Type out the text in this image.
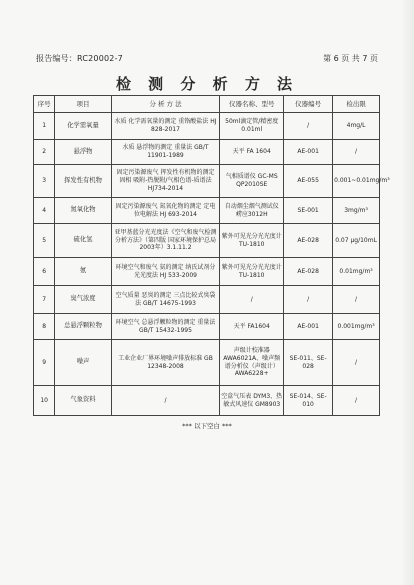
报告编号：RC20002-7	第 6 页 共 7 页
检 测 分 析 方 法
序号	项目	分 析 方 法	仪器名称、型号	仪器编号	检出限
1	化学需氧量	水质 化学需氧量的测定 重铬酸盐法 HJ 828-2017	50ml滴定管/精密度 0.01ml	/	4mg/L
2	悬浮物	水质 悬浮物的测定 重量法 GB/T 11901-1989	天平 FA 1604	AE-001	/
3	挥发性有机物	固定污染源废气 挥发性有机物的测定 固相 吸附-热脱附/气相色谱-质谱法 HJ734-2014	气相质谱仪 GC-MS QP2010SE	AE-055	0.001~0.01mg/m³
4	氮氧化物	固定污染源废气 氮氧化物的测定 定电位电解法 HJ 693-2014	自动烟尘烟气测试仪 崂应3012H	SE-001	3mg/m³
5	硫化氢	亚甲基蓝分光光度法《空气和废气检测分析方法》（第四版 国家环境保护总局 2003年）3.1.11.2	紫外可见光分光光度计 TU-1810	AE-028	0.07 μg/10mL
6	氨	环境空气和废气 氨的测定 纳氏试剂分光光度法 HJ 533-2009	紫外可见光分光光度计 TU-1810	AE-028	0.01mg/m³
7	臭气浓度	空气质量 恶臭的测定 三点比较式臭袋法 GB/T 14675-1993	/	/	/
8	总悬浮颗粒物	环境空气 总悬浮颗粒物的测定 重量法 GB/T 15432-1995	天平 FA1604	AE-001	0.001mg/m³
9	噪声	工业企业厂界环境噪声排放标准 GB 12348-2008	声级计校准器 AWA6021A、噪声频谱分析仪（声级计）AWA6228+	SE-011、SE-028	/
10	气象资料	/	空盒气压表 DYM3、热敏式风速仪 GM8903	SE-014、SE-010	/
*** 以下空白 ***
